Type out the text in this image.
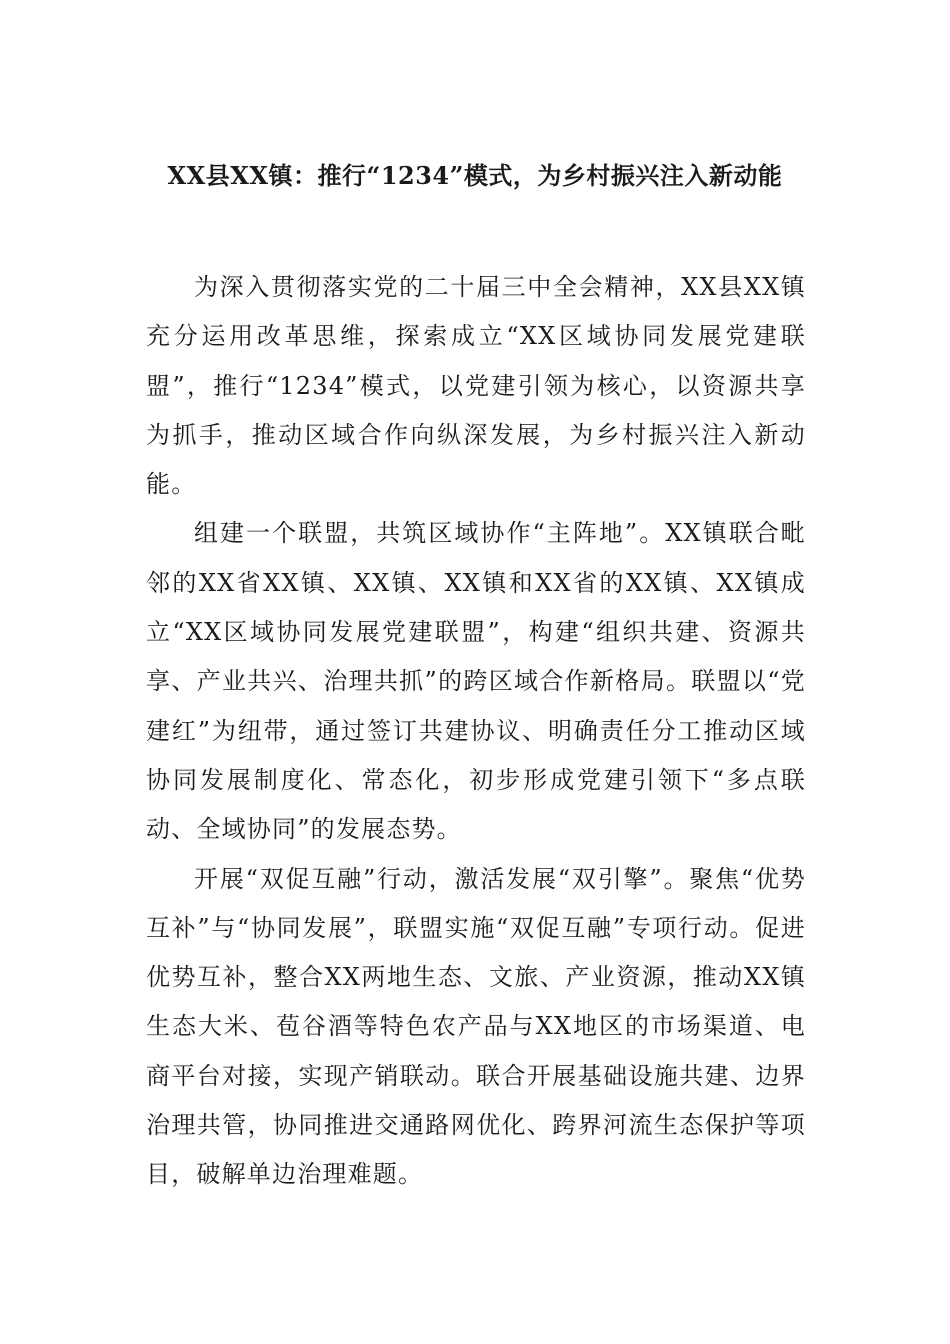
XX县XX镇：推行“1234”模式，为乡村振兴注入新动能

为深入贯彻落实党的二十届三中全会精神，XX县XX镇充分运用改革思维，探索成立“XX区域协同发展党建联盟”，推行“1234”模式，以党建引领为核心，以资源共享为抓手，推动区域合作向纵深发展，为乡村振兴注入新动能。

组建一个联盟，共筑区域协作“主阵地”。XX镇联合毗邻的XX省XX镇、XX镇、XX镇和XX省的XX镇、XX镇成立“XX区域协同发展党建联盟”，构建“组织共建、资源共享、产业共兴、治理共抓”的跨区域合作新格局。联盟以“党建红”为纽带，通过签订共建协议、明确责任分工推动区域协同发展制度化、常态化，初步形成党建引领下“多点联动、全域协同”的发展态势。

开展“双促互融”行动，激活发展“双引擎”。聚焦“优势互补”与“协同发展”，联盟实施“双促互融”专项行动。促进优势互补，整合XX两地生态、文旅、产业资源，推动XX镇生态大米、苞谷酒等特色农产品与XX地区的市场渠道、电商平台对接，实现产销联动。联合开展基础设施共建、边界治理共管，协同推进交通路网优化、跨界河流生态保护等项目，破解单边治理难题。
